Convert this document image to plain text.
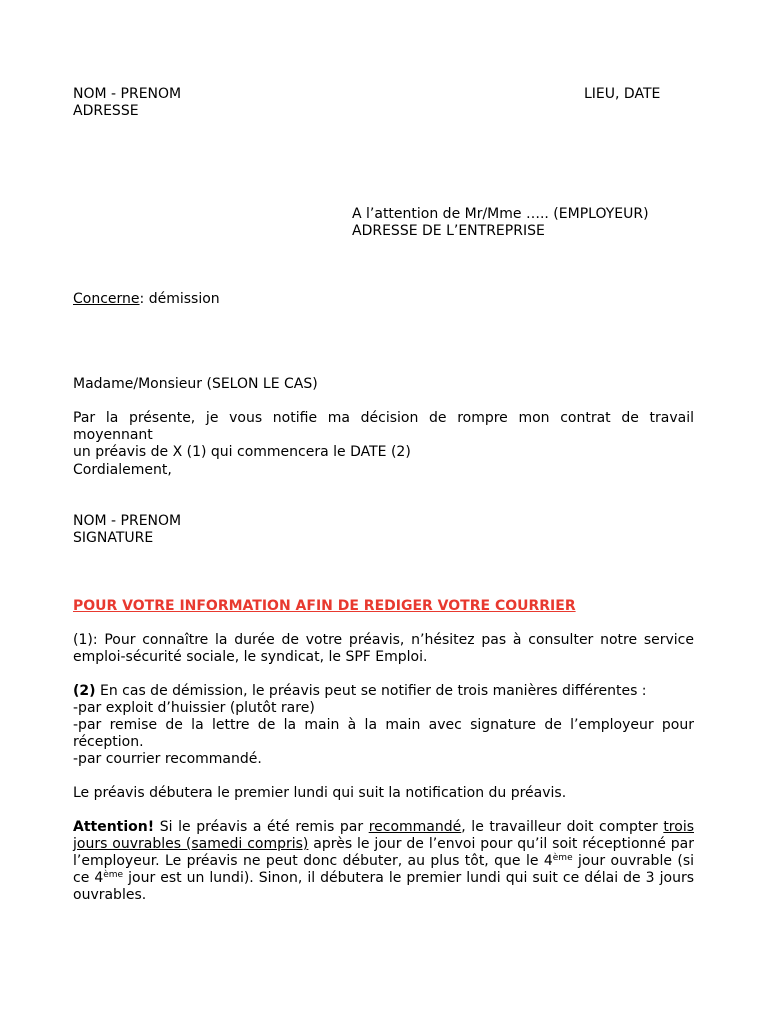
NOM - PRENOM
ADRESSE
LIEU, DATE
A l’attention de Mr/Mme ….. (EMPLOYEUR)
ADRESSE DE L’ENTREPRISE
Concerne: démission
Madame/Monsieur (SELON LE CAS)
Par la présente, je vous notifie ma décision de rompre mon contrat de travail moyennant
un préavis de X (1) qui commencera le DATE (2)
Cordialement,
NOM - PRENOM
SIGNATURE
POUR VOTRE INFORMATION AFIN DE REDIGER VOTRE COURRIER
(1): Pour connaître la durée de votre préavis, n’hésitez pas à consulter notre service
emploi-sécurité sociale, le syndicat, le SPF Emploi.
(2) En cas de démission, le préavis peut se notifier de trois manières différentes :
-par exploit d’huissier (plutôt rare)
-par remise de la lettre de la main à la main avec signature de l’employeur pour
réception.
-par courrier recommandé.
Le préavis débutera le premier lundi qui suit la notification du préavis.
Attention! Si le préavis a été remis par recommandé, le travailleur doit compter trois
jours ouvrables (samedi compris) après le jour de l’envoi pour qu’il soit réceptionné par
l’employeur. Le préavis ne peut donc débuter, au plus tôt, que le 4ème jour ouvrable (si
ce 4ème jour est un lundi). Sinon, il débutera le premier lundi qui suit ce délai de 3 jours
ouvrables.
